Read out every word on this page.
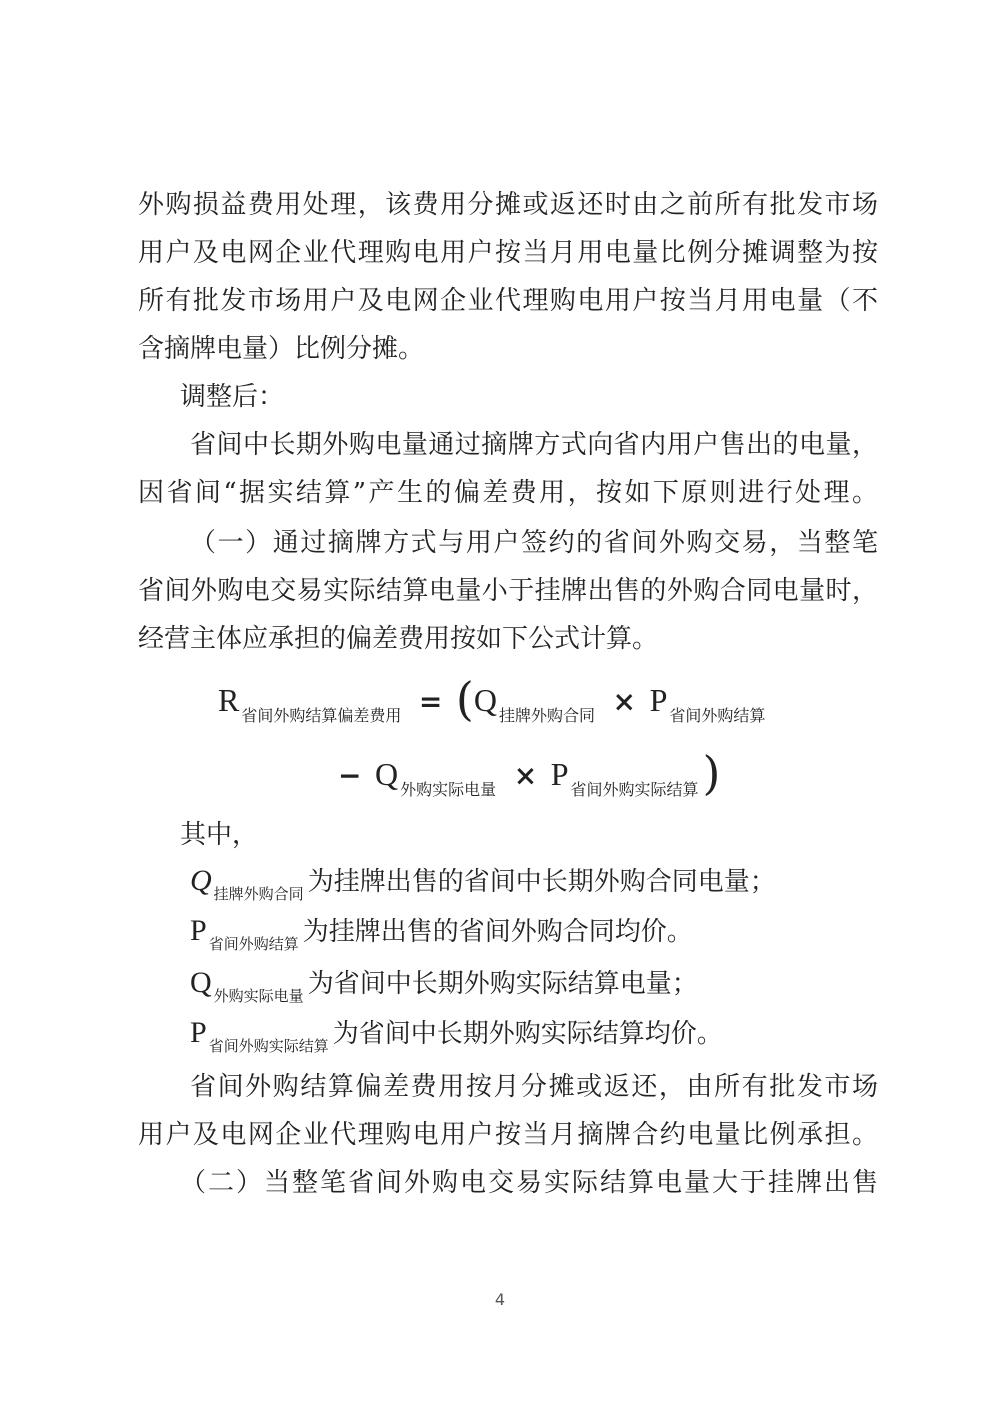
外购损益费用处理，该费用分摊或返还时由之前所有批发市场
用户及电网企业代理购电用户按当月用电量比例分摊调整为按
所有批发市场用户及电网企业代理购电用户按当月用电量（不
含摘牌电量）比例分摊。
调整后：
省间中长期外购电量通过摘牌方式向省内用户售出的电量，
因省间“据实结算”产生的偏差费用，按如下原则进行处理。
（一）通过摘牌方式与用户签约的省间外购交易，当整笔
省间外购电交易实际结算电量小于挂牌出售的外购合同电量时，
经营主体应承担的偏差费用按如下公式计算。
R $_{省间外购结算偏差费用}$ = (Q $_{挂牌外购合同}$ × P $_{省间外购结算}$
− Q $_{外购实际电量}$ × P $_{省间外购实际结算}$)
其中，
Q $_{挂牌外购合同}$ 为挂牌出售的省间中长期外购合同电量；
P $_{省间外购结算}$ 为挂牌出售的省间外购合同均价。
Q $_{外购实际电量}$ 为省间中长期外购实际结算电量；
P $_{省间外购实际结算}$ 为省间中长期外购实际结算均价。
省间外购结算偏差费用按月分摊或返还，由所有批发市场
用户及电网企业代理购电用户按当月摘牌合约电量比例承担。
（二）当整笔省间外购电交易实际结算电量大于挂牌出售
4
